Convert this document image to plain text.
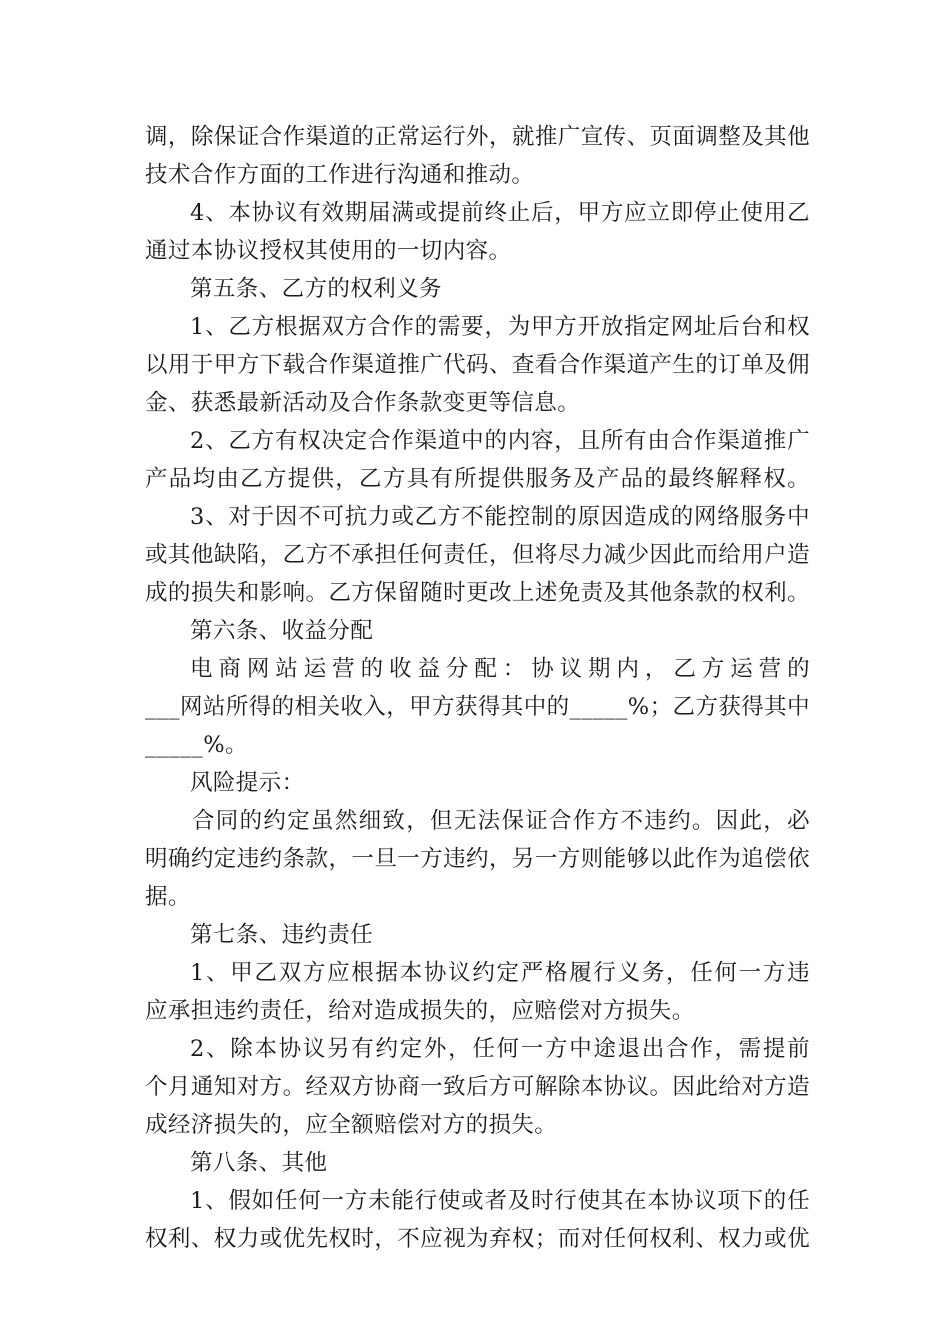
调，除保证合作渠道的正常运行外，就推广宣传、页面调整及其他
技术合作方面的工作进行沟通和推动。
4、本协议有效期届满或提前终止后，甲方应立即停止使用乙
通过本协议授权其使用的一切内容。
第五条、乙方的权利义务
1、乙方根据双方合作的需要，为甲方开放指定网址后台和权
以用于甲方下载合作渠道推广代码、查看合作渠道产生的订单及佣
金、获悉最新活动及合作条款变更等信息。
2、乙方有权决定合作渠道中的内容，且所有由合作渠道推广
产品均由乙方提供，乙方具有所提供服务及产品的最终解释权。
3、对于因不可抗力或乙方不能控制的原因造成的网络服务中
或其他缺陷，乙方不承担任何责任，但将尽力减少因此而给用户造
成的损失和影响。乙方保留随时更改上述免责及其他条款的权利。
第六条、收益分配
电商网站运营的收益分配：协议期内，乙方运营的
___网站所得的相关收入，甲方获得其中的_____%；乙方获得其中
_____%。
风险提示：
合同的约定虽然细致，但无法保证合作方不违约。因此，必
明确约定违约条款，一旦一方违约，另一方则能够以此作为追偿依
据。
第七条、违约责任
1、甲乙双方应根据本协议约定严格履行义务，任何一方违
应承担违约责任，给对造成损失的，应赔偿对方损失。
2、除本协议另有约定外，任何一方中途退出合作，需提前
个月通知对方。经双方协商一致后方可解除本协议。因此给对方造
成经济损失的，应全额赔偿对方的损失。
第八条、其他
1、假如任何一方未能行使或者及时行使其在本协议项下的任
权利、权力或优先权时，不应视为弃权；而对任何权利、权力或优
